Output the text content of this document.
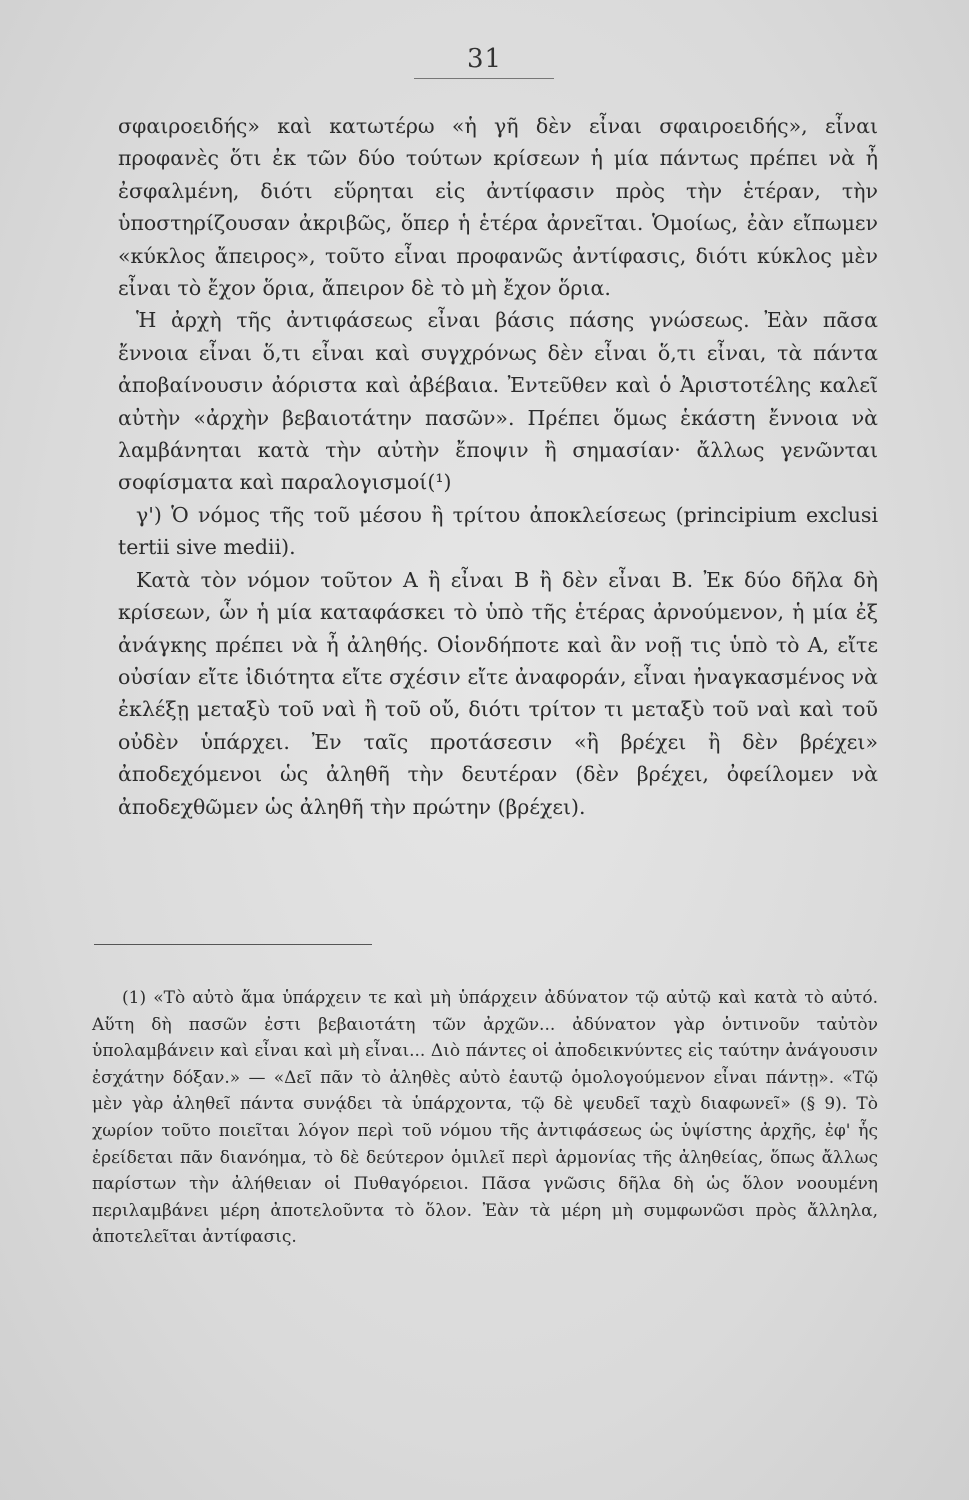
31

σφαιροειδής» καὶ κατωτέρω «ἡ γῆ δὲν εἶναι σφαιροειδής», εἶναι προφανὲς ὅτι ἐκ τῶν δύο τούτων κρίσεων ἡ μία πάντως πρέπει νὰ ἦ ἐσφαλμένη, διότι εὕρηται εἰς ἀντίφασιν πρὸς τὴν ἑτέραν, τὴν ὑποστηρίζουσαν ἀκριβῶς, ὅπερ ἡ ἑτέρα ἀρνεῖται. Ὁμοίως, ἐὰν εἴπωμεν «κύκλος ἄπειρος», τοῦτο εἶναι προφανῶς ἀντίφασις, διότι κύκλος μὲν εἶναι τὸ ἔχον ὅρια, ἄπειρον δὲ τὸ μὴ ἔχον ὅρια.

Ἡ ἀρχὴ τῆς ἀντιφάσεως εἶναι βάσις πάσης γνώσεως. Ἐὰν πᾶσα ἔννοια εἶναι ὅ,τι εἶναι καὶ συγχρόνως δὲν εἶναι ὅ,τι εἶναι, τὰ πάντα ἀποβαίνουσιν ἀόριστα καὶ ἀβέβαια. Ἐντεῦθεν καὶ ὁ Ἀριστοτέλης καλεῖ αὐτὴν «ἀρχὴν βεβαιοτάτην πασῶν». Πρέπει ὅμως ἑκάστη ἔννοια νὰ λαμβάνηται κατὰ τὴν αὐτὴν ἔποψιν ἢ σημασίαν· ἄλλως γενῶνται σοφίσματα καὶ παραλογισμοί(¹)

γ') Ὁ νόμος τῆς τοῦ μέσου ἢ τρίτου ἀποκλείσεως (principium exclusi tertii sive medii).

Κατὰ τὸν νόμον τοῦτον Α ἢ εἶναι Β ἢ δὲν εἶναι Β. Ἐκ δύο δῆλα δὴ κρίσεων, ὧν ἡ μία καταφάσκει τὸ ὑπὸ τῆς ἑτέρας ἀρνούμενον, ἡ μία ἐξ ἀνάγκης πρέπει νὰ ἦ ἀληθής. Οἱονδήποτε καὶ ἂν νοῇ τις ὑπὸ τὸ Α, εἴτε οὐσίαν εἴτε ἰδιότητα εἴτε σχέσιν εἴτε ἀναφοράν, εἶναι ἠναγκασμένος νὰ ἐκλέξῃ μεταξὺ τοῦ ναὶ ἢ τοῦ οὔ, διότι τρίτον τι μεταξὺ τοῦ ναὶ καὶ τοῦ οὐδὲν ὑπάρχει. Ἐν ταῖς προτάσεσιν «ἢ βρέχει ἢ δὲν βρέχει» ἀποδεχόμενοι ὡς ἀληθῆ τὴν δευτέραν (δὲν βρέχει, ὀφείλομεν νὰ ἀποδεχθῶμεν ὡς ἀληθῆ τὴν πρώτην (βρέχει).

(1) «Τὸ αὐτὸ ἅμα ὑπάρχειν τε καὶ μὴ ὑπάρχειν ἀδύνατον τῷ αὐτῷ καὶ κατὰ τὸ αὐτό. Αὕτη δὴ πασῶν ἐστι βεβαιοτάτη τῶν ἀρχῶν... ἀδύνατον γὰρ ὁντινοῦν ταὐτὸν ὑπολαμβάνειν καὶ εἶναι καὶ μὴ εἶναι... Διὸ πάντες οἱ ἀποδεικνύντες εἰς ταύτην ἀνάγουσιν ἐσχάτην δόξαν.» — «Δεῖ πᾶν τὸ ἀληθὲς αὐτὸ ἑαυτῷ ὁμολογούμενον εἶναι πάντῃ». «Τῷ μὲν γὰρ ἀληθεῖ πάντα συνᾴδει τὰ ὑπάρχοντα, τῷ δὲ ψευδεῖ ταχὺ διαφωνεῖ» (§ 9). Τὸ χωρίον τοῦτο ποιεῖται λόγον περὶ τοῦ νόμου τῆς ἀντιφάσεως ὡς ὑψίστης ἀρχῆς, ἐφ' ἧς ἐρείδεται πᾶν διανόημα, τὸ δὲ δεύτερον ὁμιλεῖ περὶ ἁρμονίας τῆς ἀληθείας, ὅπως ἄλλως παρίστων τὴν ἀλήθειαν οἱ Πυθαγόρειοι. Πᾶσα γνῶσις δῆλα δὴ ὡς ὅλον νοουμένη περιλαμβάνει μέρη ἀποτελοῦντα τὸ ὅλον. Ἐὰν τὰ μέρη μὴ συμφωνῶσι πρὸς ἄλληλα, ἀποτελεῖται ἀντίφασις.
